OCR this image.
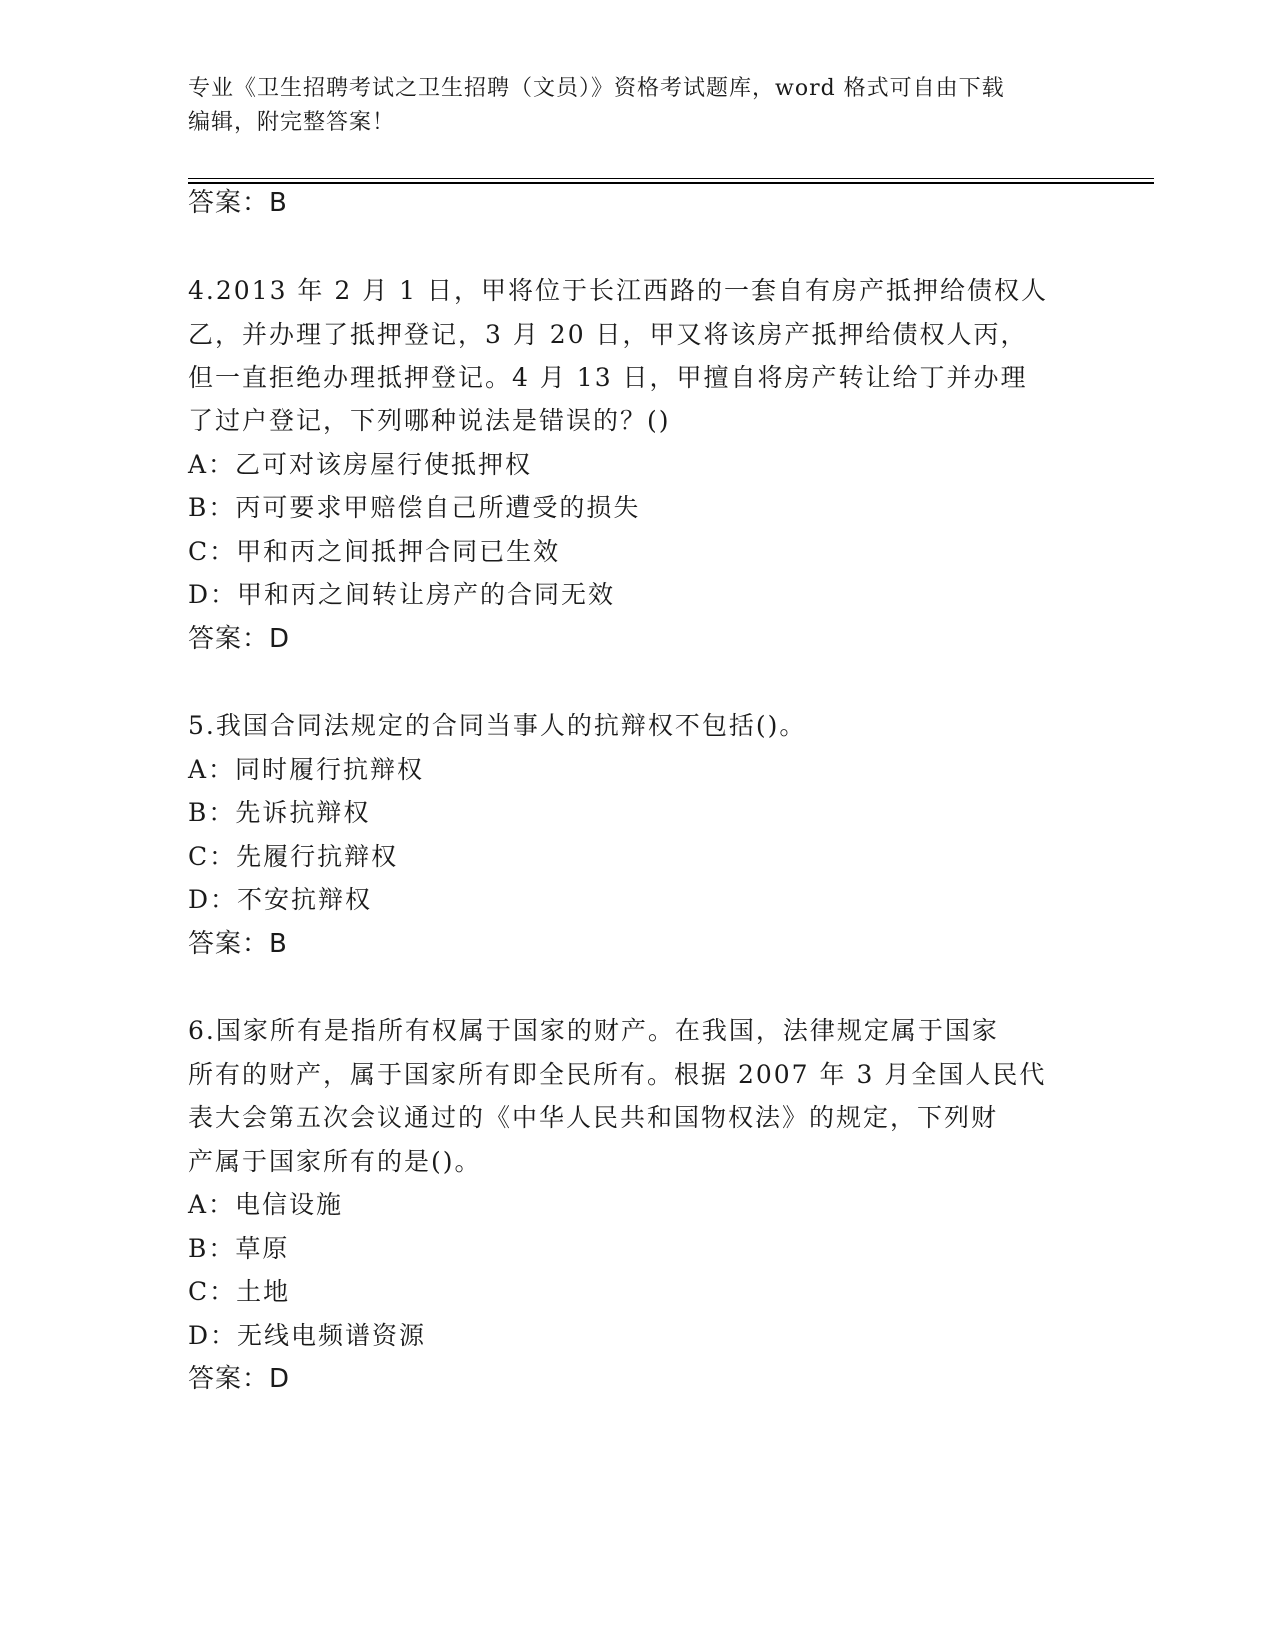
专业《卫生招聘考试之卫生招聘（文员）》资格考试题库，word 格式可自由下载
编辑，附完整答案！
答案：B
4.2013 年 2 月 1 日，甲将位于长江西路的一套自有房产抵押给债权人
乙，并办理了抵押登记，3 月 20 日，甲又将该房产抵押给债权人丙，
但一直拒绝办理抵押登记。4 月 13 日，甲擅自将房产转让给丁并办理
了过户登记，下列哪种说法是错误的？()
A：乙可对该房屋行使抵押权
B：丙可要求甲赔偿自己所遭受的损失
C：甲和丙之间抵押合同已生效
D：甲和丙之间转让房产的合同无效
答案：D
5.我国合同法规定的合同当事人的抗辩权不包括()。
A：同时履行抗辩权
B：先诉抗辩权
C：先履行抗辩权
D：不安抗辩权
答案：B
6.国家所有是指所有权属于国家的财产。在我国，法律规定属于国家
所有的财产，属于国家所有即全民所有。根据 2007 年 3 月全国人民代
表大会第五次会议通过的《中华人民共和国物权法》的规定，下列财
产属于国家所有的是()。
A：电信设施
B：草原
C：土地
D：无线电频谱资源
答案：D
